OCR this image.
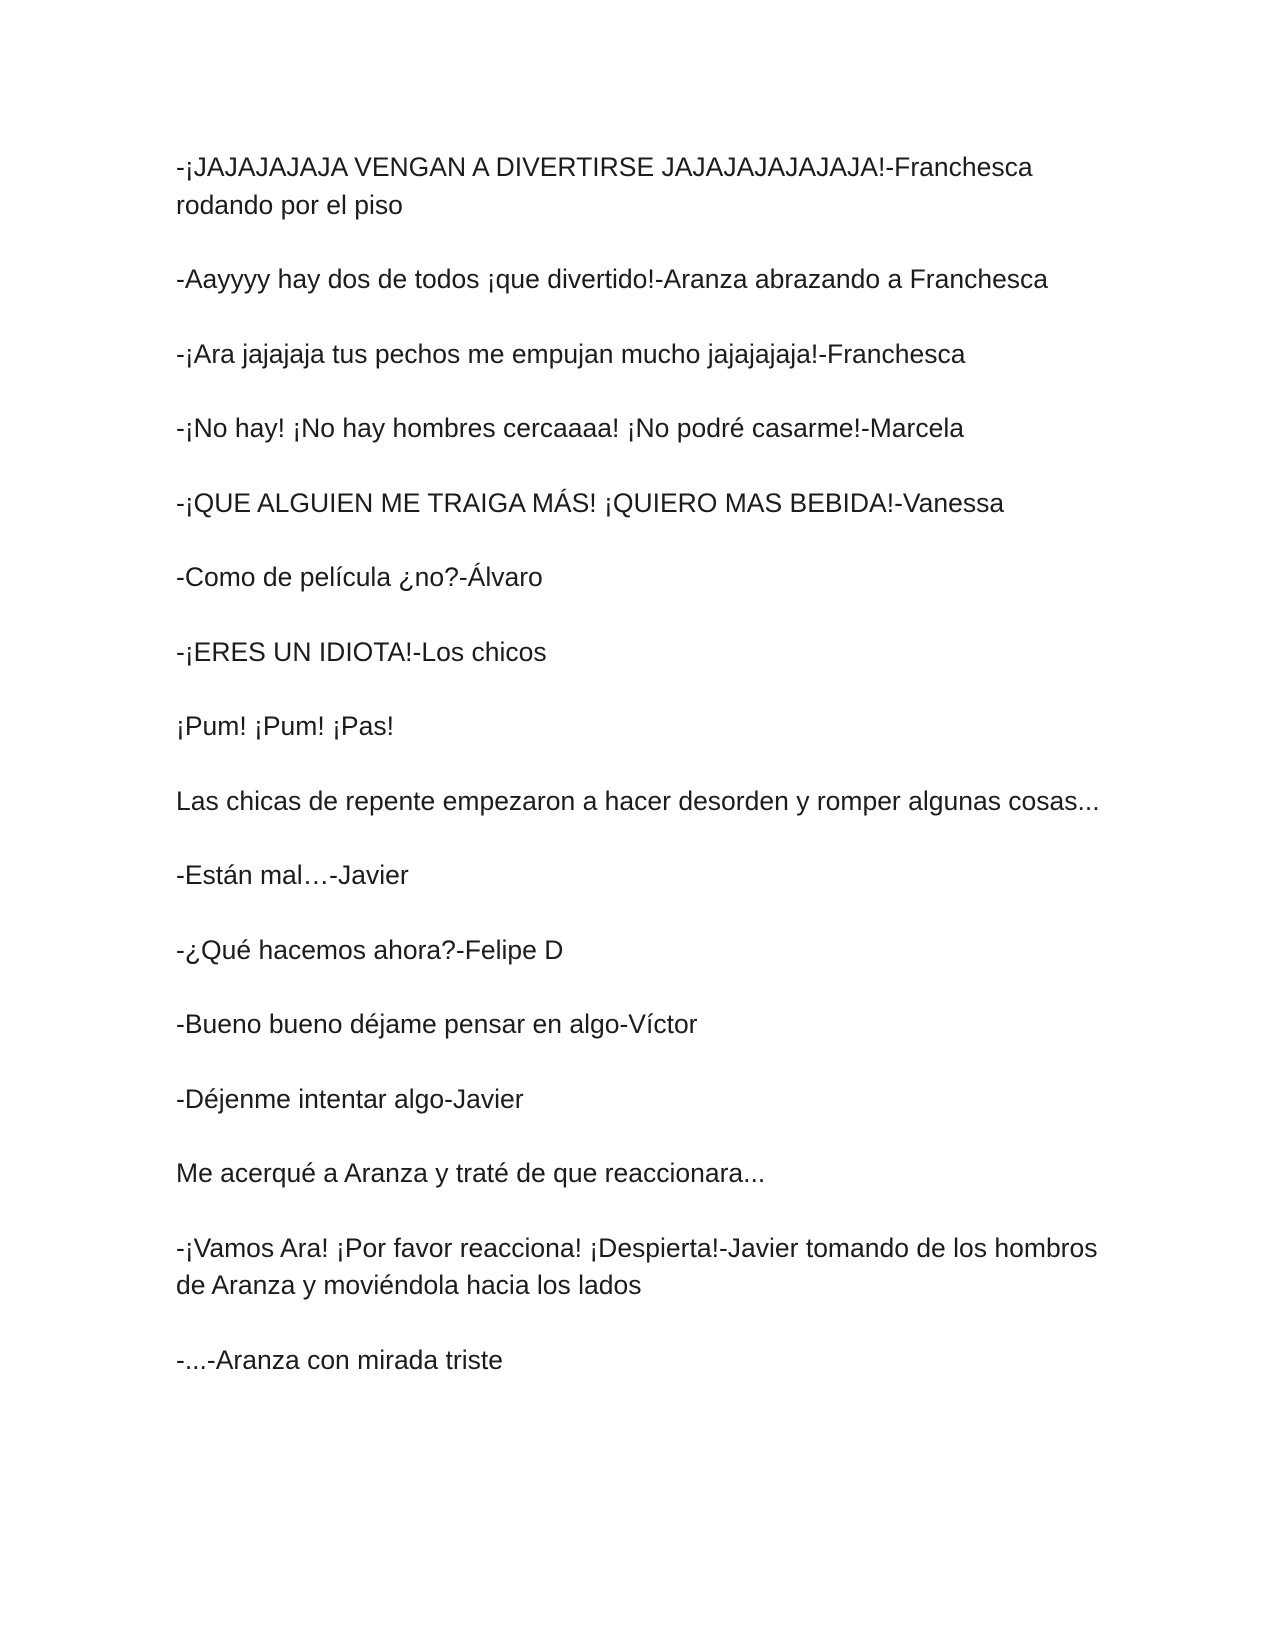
-¡JAJAJAJAJA VENGAN A DIVERTIRSE JAJAJAJAJAJAJA!-Franchesca rodando por el piso

-Aayyyy hay dos de todos ¡que divertido!-Aranza abrazando a Franchesca

-¡Ara jajajaja tus pechos me empujan mucho jajajajaja!-Franchesca

-¡No hay! ¡No hay hombres cercaaaa! ¡No podré casarme!-Marcela

-¡QUE ALGUIEN ME TRAIGA MÁS! ¡QUIERO MAS BEBIDA!-Vanessa

-Como de película ¿no?-Álvaro

-¡ERES UN IDIOTA!-Los chicos

¡Pum! ¡Pum! ¡Pas!

Las chicas de repente empezaron a hacer desorden y romper algunas cosas...

-Están mal…-Javier

-¿Qué hacemos ahora?-Felipe D

-Bueno bueno déjame pensar en algo-Víctor

-Déjenme intentar algo-Javier

Me acerqué a Aranza y traté de que reaccionara...

-¡Vamos Ara! ¡Por favor reacciona! ¡Despierta!-Javier tomando de los hombros de Aranza y moviéndola hacia los lados

-...-Aranza con mirada triste
